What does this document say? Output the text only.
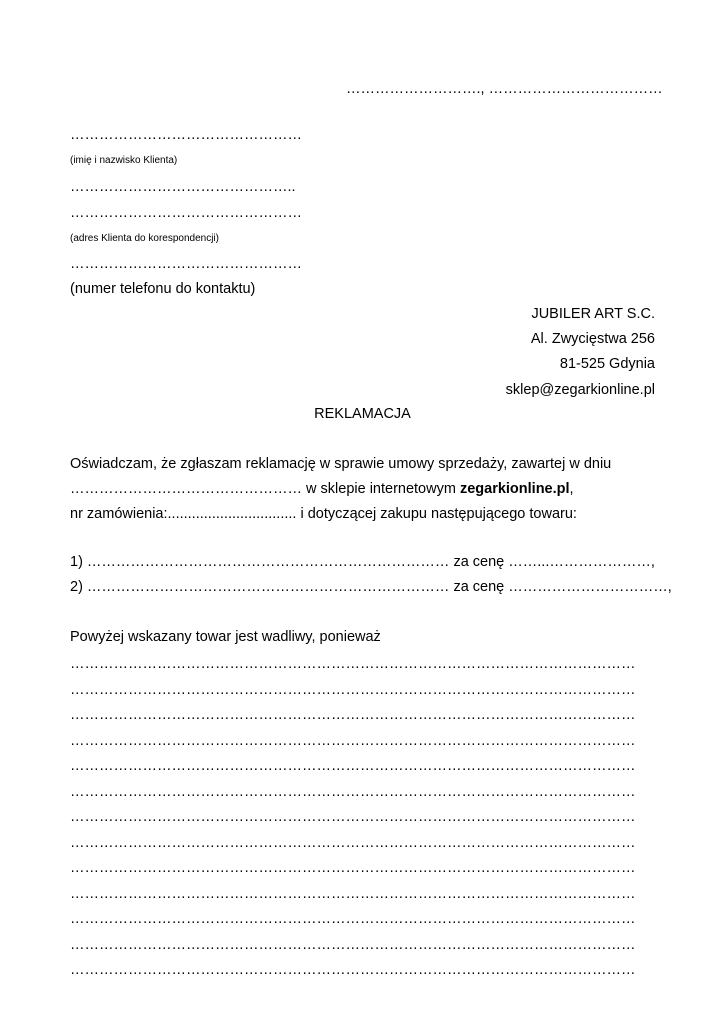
………………………., ………………………………
…………………………………………
(imię i nazwisko Klienta)
………………………………………..
…………………………………………
(adres Klienta do korespondencji)
…………………………………………
(numer telefonu do kontaktu)
JUBILER ART S.C.
Al. Zwycięstwa 256
81-525 Gdynia
sklep@zegarkionline.pl
REKLAMACJA
Oświadczam, że zgłaszam reklamację w sprawie umowy sprzedaży, zawartej w dniu
………………………………………… w sklepie internetowym zegarkionline.pl,
nr zamówienia:................................ i dotyczącej zakupu następującego towaru:
1) ………………………………………………………………… za cenę ……...…………………,
2) ………………………………………………………………… za cenę ……………………………,
Powyżej wskazany towar jest wadliwy, ponieważ
………………………………………………………………………………………………………
………………………………………………………………………………………………………
………………………………………………………………………………………………………
………………………………………………………………………………………………………
………………………………………………………………………………………………………
………………………………………………………………………………………………………
………………………………………………………………………………………………………
………………………………………………………………………………………………………
………………………………………………………………………………………………………
………………………………………………………………………………………………………
………………………………………………………………………………………………………
………………………………………………………………………………………………………
………………………………………………………………………………………………………
